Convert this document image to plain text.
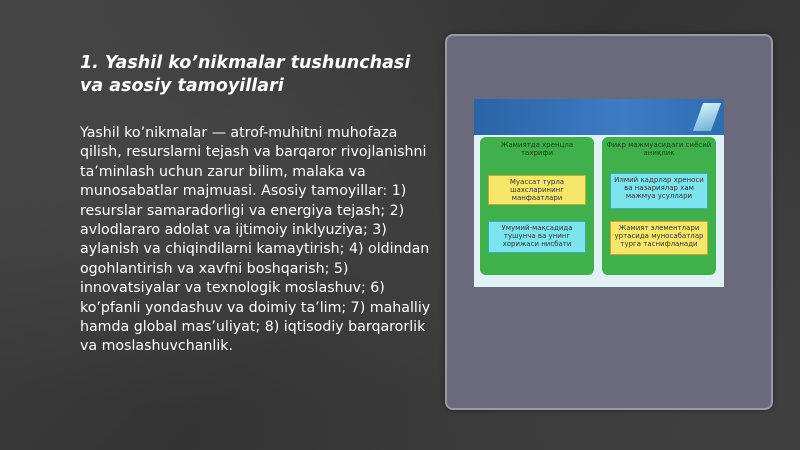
1. Yashil ko’nikmalar tushunchasi va asosiy tamoyillari

Yashil ko’nikmalar — atrof-muhitni muhofaza qilish, resurslarni tejash va barqaror rivojlanishni ta’minlash uchun zarur bilim, malaka va munosabatlar majmuasi. Asosiy tamoyillar: 1) resurslar samaradorligi va energiya tejash; 2) avlodlararo adolat va ijtimoiy inklyuziya; 3) aylanish va chiqindilarni kamaytirish; 4) oldindan ogohlantirish va xavfni boshqarish; 5) innovatsiyalar va texnologik moslashuv; 6) ko’pfanli yondashuv va doimiy ta’lim; 7) mahalliy hamda global mas’uliyat; 8) iqtisodiy barqarorlik va moslashuvchanlik.

Жамиятда хренцла тахрифи
Муассат турла шахсларининг манфаатлари
Умумий-мақсадида тушунча ва унинг хорижаси нисбати
Фикр мажмуасидаги сиёсий аниқлик
Илмий кадрлар хреноси ва назариялар хам мажмуа усуллари
Жамият элементлари уртасида муносабатлар турга таснифланади
